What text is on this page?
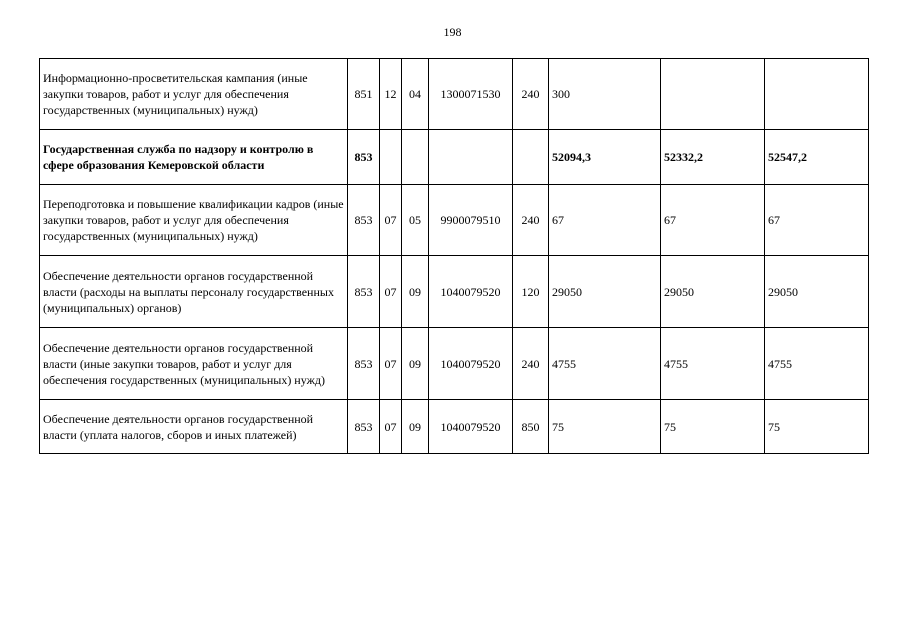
198
Информационно-просветительская кампания (иные закупки товаров, работ и услуг для обеспечения государственных (муниципальных) нужд)	851	12	04	1300071530	240	300		
Государственная служба по надзору и контролю в сфере образования Кемеровской области	853					52094,3	52332,2	52547,2
Переподготовка и повышение квалификации кадров (иные закупки товаров, работ и услуг для обеспечения государственных (муниципальных) нужд)	853	07	05	9900079510	240	67	67	67
Обеспечение деятельности органов государственной власти (расходы на выплаты персоналу государственных (муниципальных) органов)	853	07	09	1040079520	120	29050	29050	29050
Обеспечение деятельности органов государственной власти (иные закупки товаров, работ и услуг для обеспечения государственных (муниципальных) нужд)	853	07	09	1040079520	240	4755	4755	4755
Обеспечение деятельности органов государственной власти (уплата налогов, сборов и иных платежей)	853	07	09	1040079520	850	75	75	75
